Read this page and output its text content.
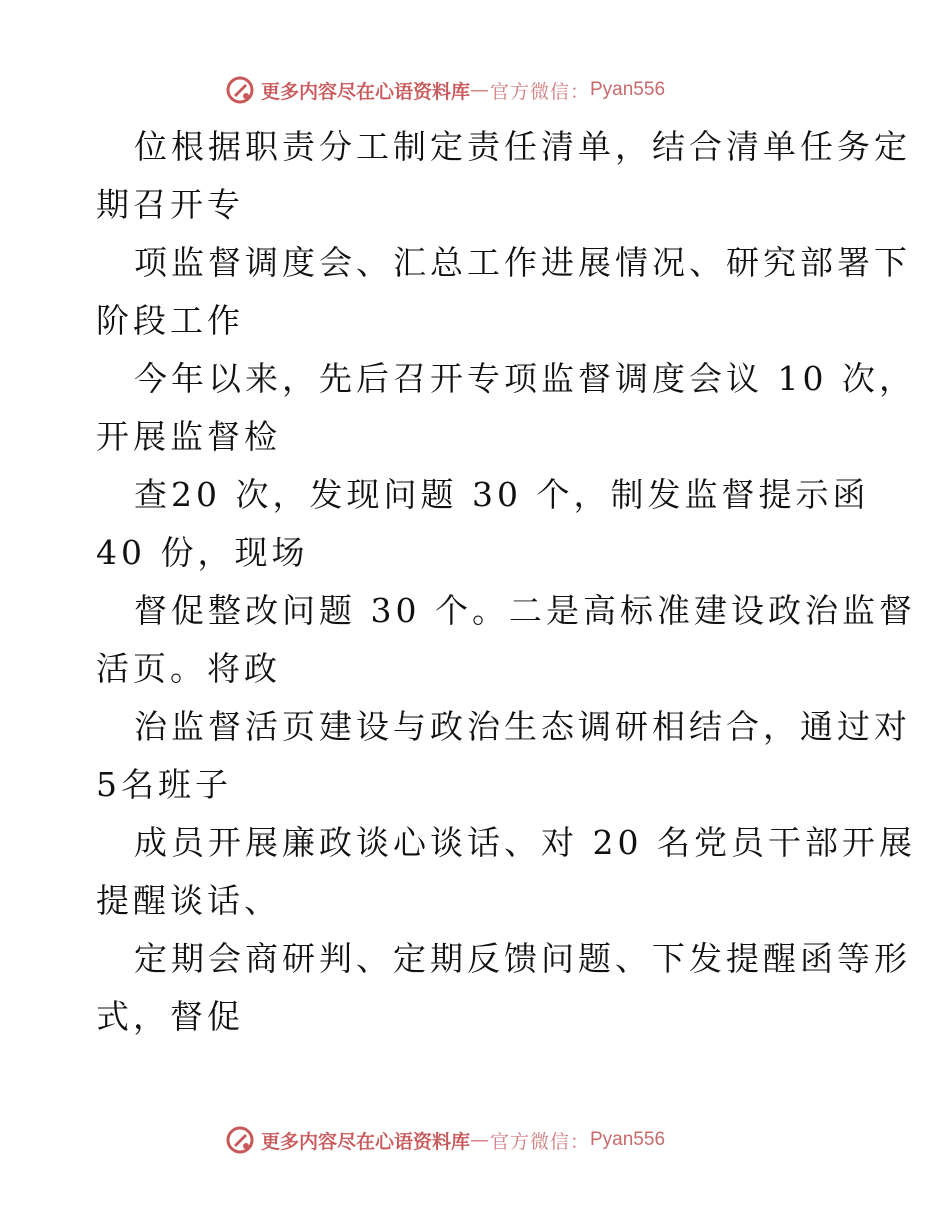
更多内容尽在心语资料库 — 官方微信： Pyan556
位根据职责分工制定责任清单，结合清单任务定
期召开专
项监督调度会、汇总工作进展情况、研究部署下
阶段工作
今年以来，先后召开专项监督调度会议 10 次，
开展监督检
查20 次，发现问题 30 个，制发监督提示函
40 份，现场
督促整改问题 30 个。二是高标准建设政治监督
活页。将政
治监督活页建设与政治生态调研相结合，通过对
5名班子
成员开展廉政谈心谈话、对 20 名党员干部开展
提醒谈话、
定期会商研判、定期反馈问题、下发提醒函等形
式，督促
更多内容尽在心语资料库 — 官方微信： Pyan556
